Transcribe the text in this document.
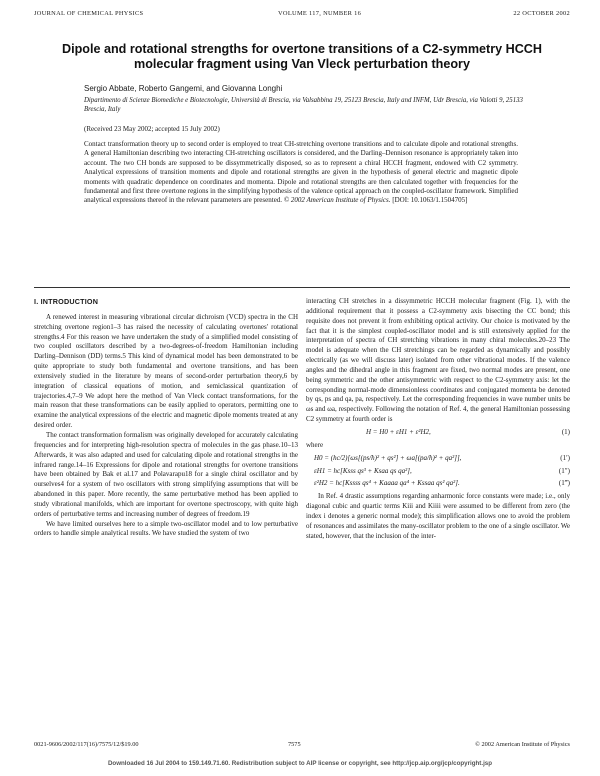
JOURNAL OF CHEMICAL PHYSICS	VOLUME 117, NUMBER 16	22 OCTOBER 2002
Dipole and rotational strengths for overtone transitions of a C2-symmetry HCCH molecular fragment using Van Vleck perturbation theory
Sergio Abbate, Roberto Gangemi, and Giovanna Longhi
Dipartimento di Scienze Biomediche e Biotecnologie, Università di Brescia, via Valsabbina 19, 25123 Brescia, Italy and INFM, Udr Brescia, via Valotti 9, 25133 Brescia, Italy
(Received 23 May 2002; accepted 15 July 2002)
Contact transformation theory up to second order is employed to treat CH-stretching overtone transitions and to calculate dipole and rotational strengths. A general Hamiltonian describing two interacting CH-stretching oscillators is considered, and the Darling–Dennison resonance is appropriately taken into account. The two CH bonds are supposed to be dissymmetrically disposed, so as to represent a chiral HCCH fragment, endowed with C2 symmetry. Analytical expressions of transition moments and dipole and rotational strengths are given in the hypothesis of general electric and magnetic dipole moments with quadratic dependence on coordinates and momenta. Dipole and rotational strengths are then calculated together with frequencies for the fundamental and first three overtone regions in the simplifying hypothesis of the valence optical approach on the coupled-oscillator framework. Simplified analytical expressions thereof in the relevant parameters are presented. © 2002 American Institute of Physics. [DOI: 10.1063/1.1504705]

I. INTRODUCTION

A renewed interest in measuring vibrational circular dichroism (VCD) spectra in the CH stretching overtone region1–3 has raised the necessity of calculating overtones' rotational strengths.4 For this reason we have undertaken the study of a simplified model consisting of two coupled oscillators described by a two-degrees-of-freedom Hamiltonian including Darling–Dennison (DD) terms.5 This kind of dynamical model has been demonstrated to be quite appropriate to study both fundamental and overtone transitions, and has been extensively studied in the literature by means of second-order perturbation theory,6 by integration of classical equations of motion, and semiclassical quantization of trajectories.4,7–9 We adopt here the method of Van Vleck contact transformations, for the main reason that these transformations can be easily applied to operators, permitting one to examine the analytical expressions of the electric and magnetic dipole moments treated at any desired order.

The contact transformation formalism was originally developed for accurately calculating frequencies and for interpreting high-resolution spectra of molecules in the gas phase.10–13 Afterwards, it was also adapted and used for calculating dipole and rotational strengths in the infrared range.14–16 Expressions for dipole and rotational strengths for overtone transitions have been obtained by Bak et al.17 and Polavarapu18 for a single chiral oscillator and by ourselves4 for a system of two oscillators with strong simplifying assumptions that will be abandoned in this paper. More recently, the same perturbative method has been applied to study vibrational manifolds, which are important for overtone spectroscopy, with quite high orders of perturbative terms and increasing number of degrees of freedom.19

We have limited ourselves here to a simple two-oscillator model and to low perturbative orders to handle simple analytical results. We have studied the system of two

interacting CH stretches in a dissymmetric HCCH molecular fragment (Fig. 1), with the additional requirement that it possess a C2-symmetry axis bisecting the CC bond; this requisite does not prevent it from exhibiting optical activity. Our choice is motivated by the fact that it is the simplest coupled-oscillator model and is still extensively applied for the interpretation of spectra of CH stretching vibrations in many chiral molecules.20–23 The model is adequate when the CH stretchings can be regarded as dynamically and possibly electrically (as we will discuss later) isolated from other vibrational modes. If the valence angles and the dihedral angle in this fragment are fixed, two normal modes are present, one being symmetric and the other antisymmetric with respect to the C2-symmetry axis: let the corresponding normal-mode dimensionless coordinates and conjugated momenta be denoted by qs, ps and qa, pa, respectively. Let the corresponding frequencies in wave number units be ωs and ωa, respectively. Following the notation of Ref. 4, the general Hamiltonian possessing C2 symmetry at fourth order is

H = H0 + εH1 + ε²H2,	(1)

where

H0 = (hc/2)[ωs[(ps/ħ)² + qs²] + ωa[(pa/ħ)² + qa²]],	(1′)
εH1 = hc[Ksss qs³ + Ksaa qs qa²],	(1″)
ε²H2 = hc[Kssss qs⁴ + Kaaaa qa⁴ + Kssaa qs² qa²].	(1‴)

In Ref. 4 drastic assumptions regarding anharmonic force constants were made; i.e., only diagonal cubic and quartic terms Kiii and Kiiii were assumed to be different from zero (the index i denotes a generic normal mode); this simplification allows one to avoid the problem of resonances and assimilates the many-oscillator problem to the one of a single oscillator. We stated, however, that the inclusion of the inter-

0021-9606/2002/117(16)/7575/12/$19.00	7575	© 2002 American Institute of Physics
Downloaded 16 Jul 2004 to 159.149.71.60. Redistribution subject to AIP license or copyright, see http://jcp.aip.org/jcp/copyright.jsp
